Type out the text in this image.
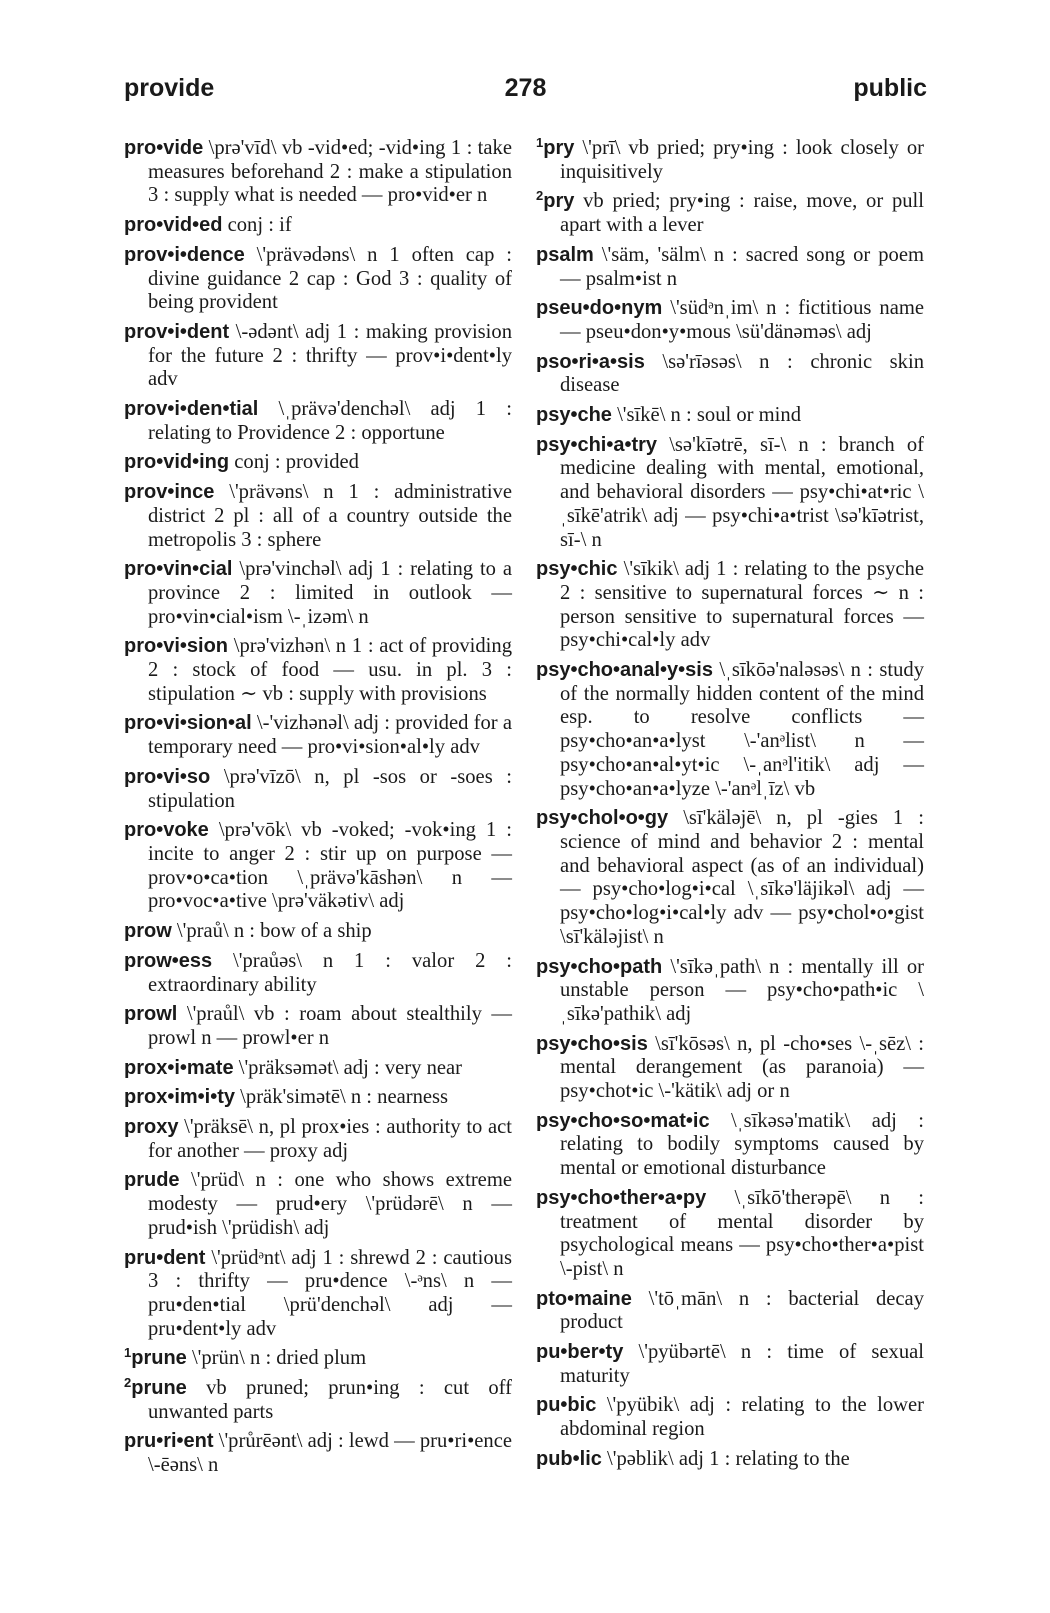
provide	278	public

pro•vide \prə'vīd\ vb -vid•ed; -vid•ing 1 : take measures beforehand 2 : make a stipulation 3 : supply what is needed — pro•vid•er n

pro•vid•ed conj : if

prov•i•dence \'prävədəns\ n 1 often cap : divine guidance 2 cap : God 3 : quality of being provident

prov•i•dent \-ədənt\ adj 1 : making provision for the future 2 : thrifty — prov•i•dent•ly adv

prov•i•den•tial \ˌprävə'denchəl\ adj 1 : relating to Providence 2 : opportune

pro•vid•ing conj : provided

prov•ince \'prävəns\ n 1 : administrative district 2 pl : all of a country outside the metropolis 3 : sphere

pro•vin•cial \prə'vinchəl\ adj 1 : relating to a province 2 : limited in outlook — pro•vin•cial•ism \-ˌizəm\ n

pro•vi•sion \prə'vizhən\ n 1 : act of providing 2 : stock of food — usu. in pl. 3 : stipulation ∼ vb : supply with provisions

pro•vi•sion•al \-'vizhənəl\ adj : provided for a temporary need — pro•vi•sion•al•ly adv

pro•vi•so \prə'vīzō\ n, pl -sos or -soes : stipulation

pro•voke \prə'vōk\ vb -voked; -vok•ing 1 : incite to anger 2 : stir up on purpose — prov•o•ca•tion \ˌprävə'kāshən\ n — pro•voc•a•tive \prə'väkətiv\ adj

prow \'praů\ n : bow of a ship

prow•ess \'praůəs\ n 1 : valor 2 : extraordinary ability

prowl \'praůl\ vb : roam about stealthily — prowl n — prowl•er n

prox•i•mate \'präksəmət\ adj : very near

prox•im•i•ty \präk'simətē\ n : nearness

proxy \'präksē\ n, pl prox•ies : authority to act for another — proxy adj

prude \'prüd\ n : one who shows extreme modesty — prud•ery \'prüdərē\ n — prud•ish \'prüdish\ adj

pru•dent \'prüdᵊnt\ adj 1 : shrewd 2 : cautious 3 : thrifty — pru•dence \-ᵊns\ n — pru•den•tial \prü'denchəl\ adj — pru•dent•ly adv

$^1$prune \'prün\ n : dried plum

$^2$prune vb pruned; prun•ing : cut off unwanted parts

pru•ri•ent \'průrēənt\ adj : lewd — pru•ri•ence \-ēəns\ n

$^1$pry \'prī\ vb pried; pry•ing : look closely or inquisitively

$^2$pry vb pried; pry•ing : raise, move, or pull apart with a lever

psalm \'säm, 'sälm\ n : sacred song or poem — psalm•ist n

pseu•do•nym \'südᵊnˌim\ n : fictitious name — pseu•don•y•mous \sü'dänəməs\ adj

pso•ri•a•sis \sə'rīəsəs\ n : chronic skin disease

psy•che \'sīkē\ n : soul or mind

psy•chi•a•try \sə'kīətrē, sī-\ n : branch of medicine dealing with mental, emotional, and behavioral disorders — psy•chi•at•ric \ˌsīkē'atrik\ adj — psy•chi•a•trist \sə'kīətrist, sī-\ n

psy•chic \'sīkik\ adj 1 : relating to the psyche 2 : sensitive to supernatural forces ∼ n : person sensitive to supernatural forces — psy•chi•cal•ly adv

psy•cho•anal•y•sis \ˌsīkōə'naləsəs\ n : study of the normally hidden content of the mind esp. to resolve conflicts — psy•cho•an•a•lyst \-'anᵊlist\ n — psy•cho•an•al•yt•ic \-ˌanᵊl'itik\ adj — psy•cho•an•a•lyze \-'anᵊlˌīz\ vb

psy•chol•o•gy \sī'käləjē\ n, pl -gies 1 : science of mind and behavior 2 : mental and behavioral aspect (as of an individual) — psy•cho•log•i•cal \ˌsīkə'läjikəl\ adj — psy•cho•log•i•cal•ly adv — psy•chol•o•gist \sī'käləjist\ n

psy•cho•path \'sīkəˌpath\ n : mentally ill or unstable person — psy•cho•path•ic \ˌsīkə'pathik\ adj

psy•cho•sis \sī'kōsəs\ n, pl -cho•ses \-ˌsēz\ : mental derangement (as paranoia) — psy•chot•ic \-'kätik\ adj or n

psy•cho•so•mat•ic \ˌsīkəsə'matik\ adj : relating to bodily symptoms caused by mental or emotional disturbance

psy•cho•ther•a•py \ˌsīkō'therəpē\ n : treatment of mental disorder by psychological means — psy•cho•ther•a•pist \-pist\ n

pto•maine \'tōˌmān\ n : bacterial decay product

pu•ber•ty \'pyübərtē\ n : time of sexual maturity

pu•bic \'pyübik\ adj : relating to the lower abdominal region

pub•lic \'pəblik\ adj 1 : relating to the
